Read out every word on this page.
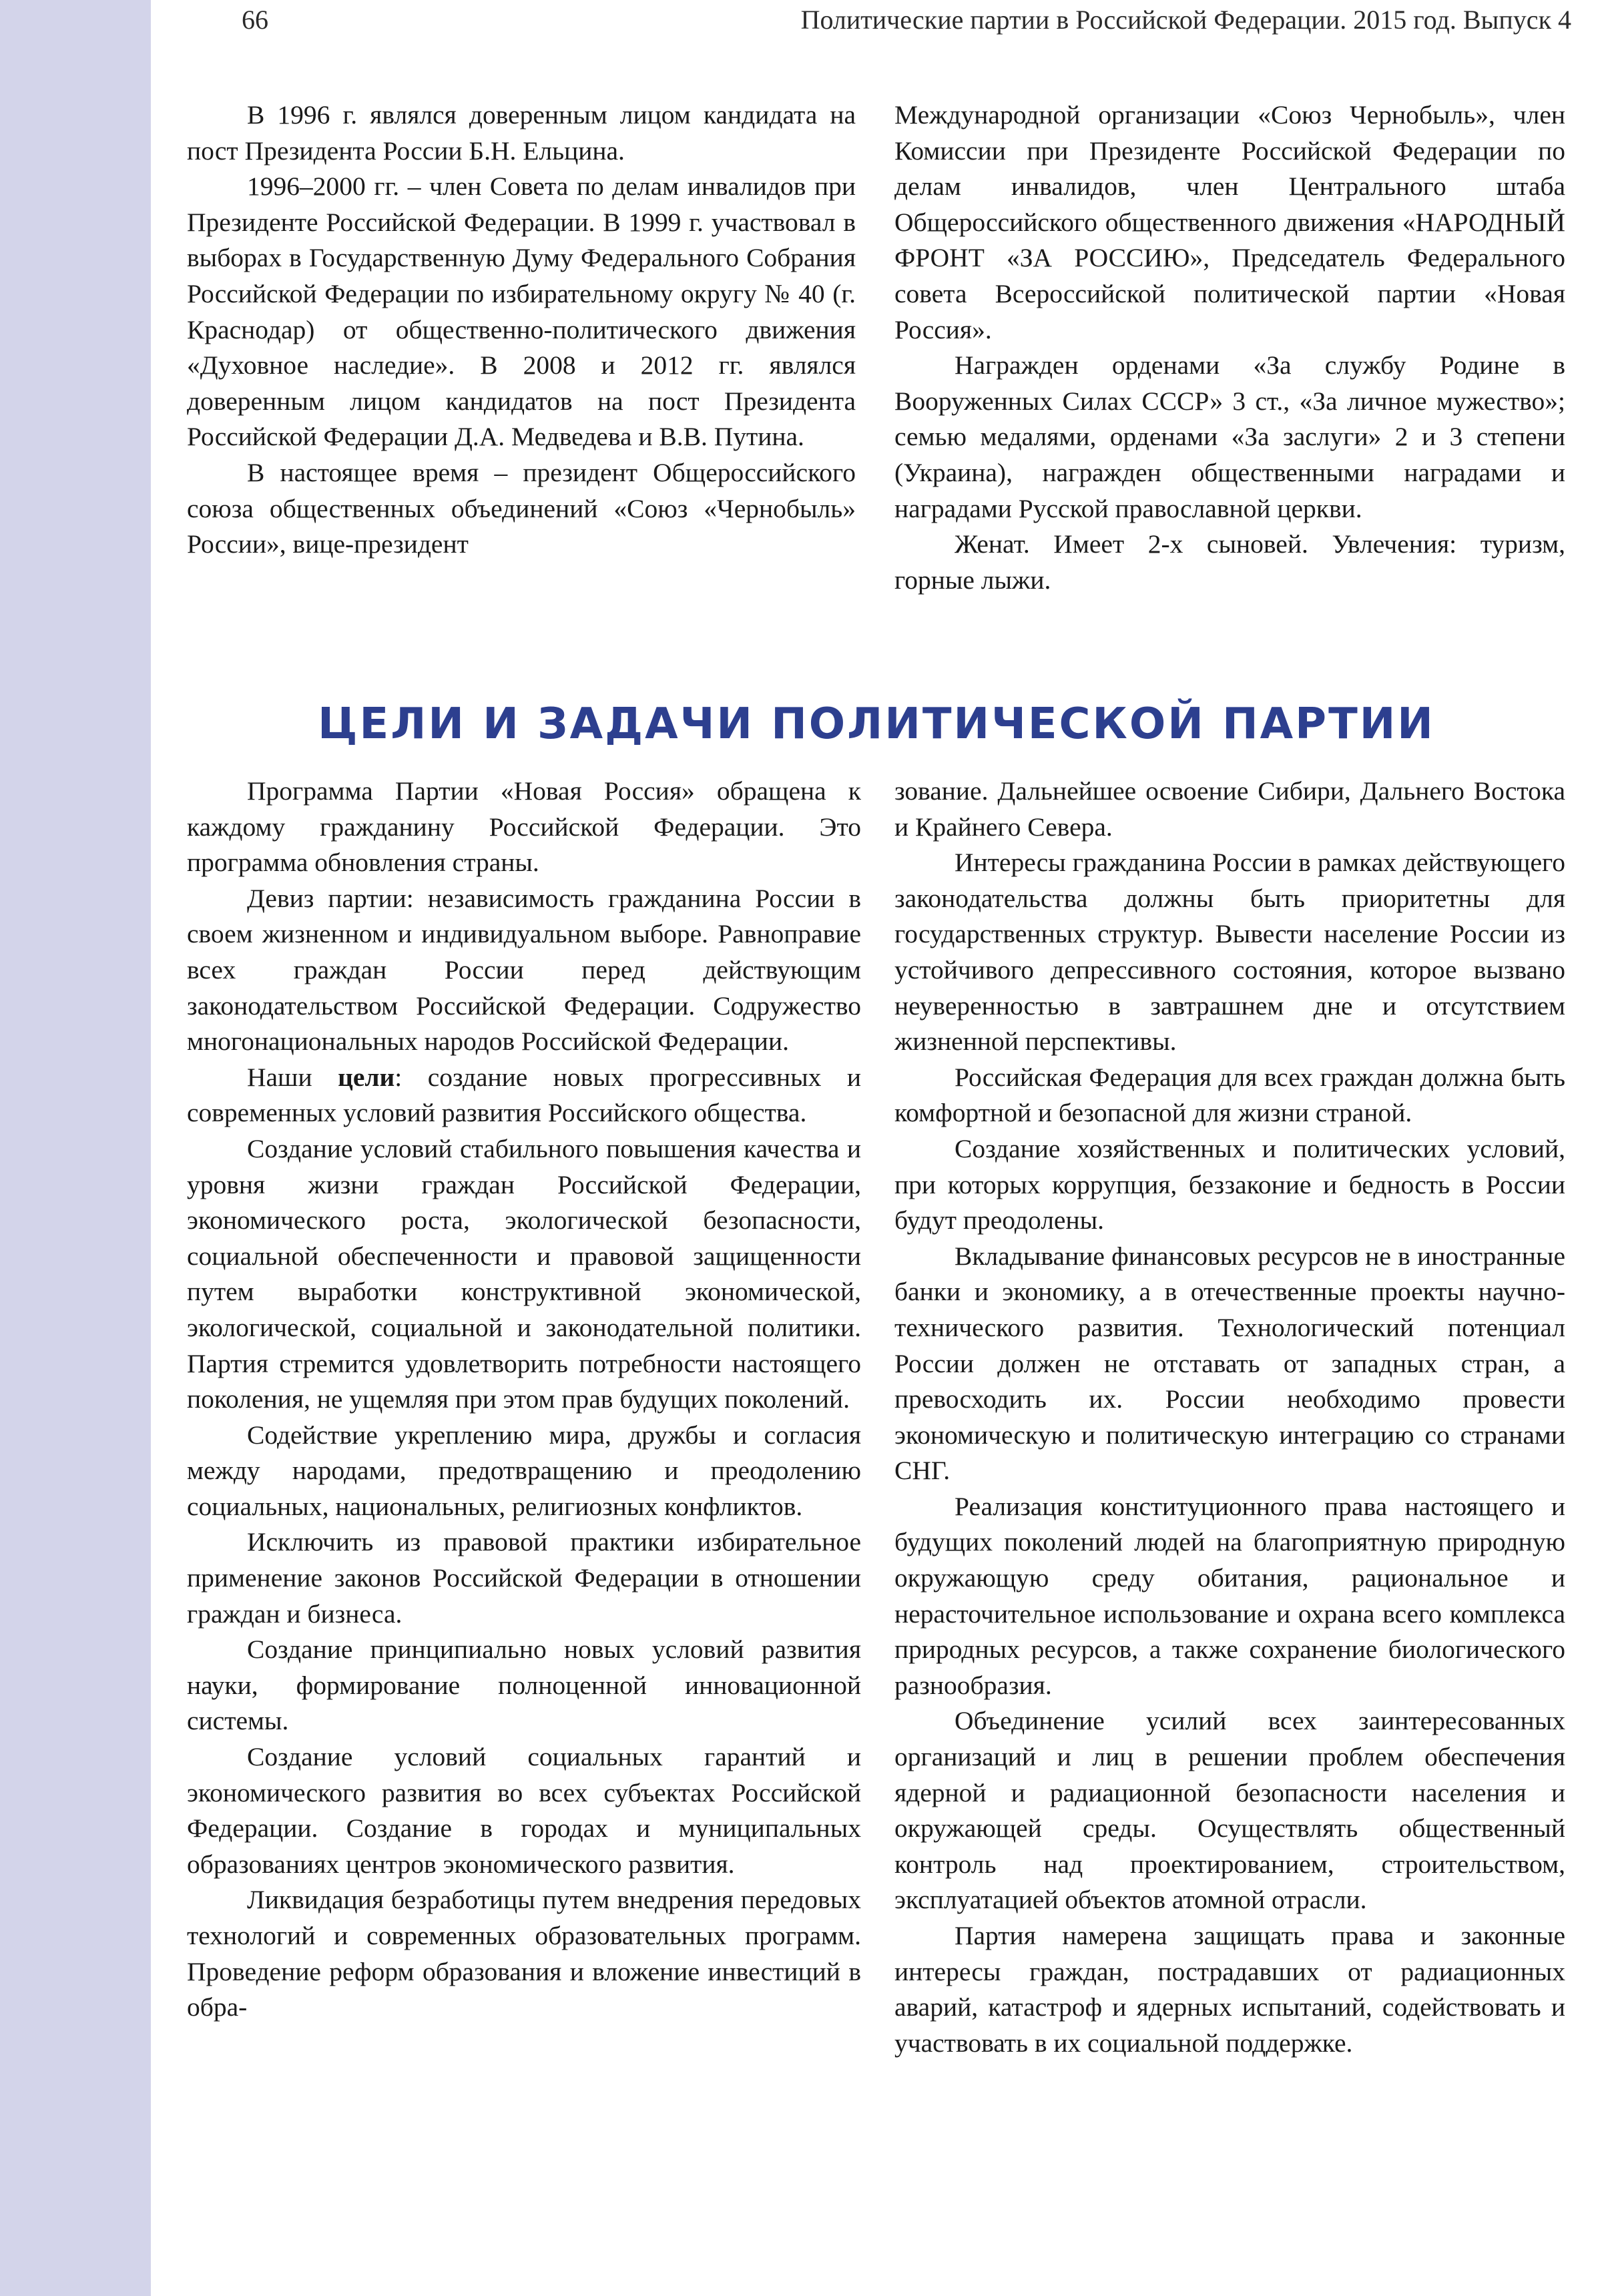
66	Политические партии в Российской Федерации. 2015 год. Выпуск 4

В 1996 г. являлся доверенным лицом кандидата на пост Президента России Б.Н. Ельцина.

1996–2000 гг. – член Совета по делам инвалидов при Президенте Российской Федерации. В 1999 г. участвовал в выборах в Государственную Думу Федерального Собрания Российской Федерации по избирательному округу № 40 (г. Краснодар) от общественно-политического движения «Духовное наследие». В 2008 и 2012 гг. являлся доверенным лицом кандидатов на пост Президента Российской Федерации Д.А. Медведева и В.В. Путина.

В настоящее время – президент Общероссийского союза общественных объединений «Союз «Чернобыль» России», вице-президент

Международной организации «Союз Чернобыль», член Комиссии при Президенте Российской Федерации по делам инвалидов, член Центрального штаба Общероссийского общественного движения «НАРОДНЫЙ ФРОНТ «ЗА РОССИЮ», Председатель Федерального совета Всероссийской политической партии «Новая Россия».

Награжден орденами «За службу Родине в Вооруженных Силах СССР» 3 ст., «За личное мужество»; семью медалями, орденами «За заслуги» 2 и 3 степени (Украина), награжден общественными наградами и наградами Русской православной церкви.

Женат. Имеет 2-х сыновей. Увлечения: туризм, горные лыжи.

ЦЕЛИ И ЗАДАЧИ ПОЛИТИЧЕСКОЙ ПАРТИИ

Программа Партии «Новая Россия» обращена к каждому гражданину Российской Федерации. Это программа обновления страны.

Девиз партии: независимость гражданина России в своем жизненном и индивидуальном выборе. Равноправие всех граждан России перед действующим законодательством Российской Федерации. Содружество многонациональных народов Российской Федерации.

Наши цели: создание новых прогрессивных и современных условий развития Российского общества.

Создание условий стабильного повышения качества и уровня жизни граждан Российской Федерации, экономического роста, экологической безопасности, социальной обеспеченности и правовой защищенности путем выработки конструктивной экономической, экологической, социальной и законодательной политики. Партия стремится удовлетворить потребности настоящего поколения, не ущемляя при этом прав будущих поколений.

Содействие укреплению мира, дружбы и согласия между народами, предотвращению и преодолению социальных, национальных, религиозных конфликтов.

Исключить из правовой практики избирательное применение законов Российской Федерации в отношении граждан и бизнеса.

Создание принципиально новых условий развития науки, формирование полноценной инновационной системы.

Создание условий социальных гарантий и экономического развития во всех субъектах Российской Федерации. Создание в городах и муниципальных образованиях центров экономического развития.

Ликвидация безработицы путем внедрения передовых технологий и современных образовательных программ. Проведение реформ образования и вложение инвестиций в обра-

зование. Дальнейшее освоение Сибири, Дальнего Востока и Крайнего Севера.

Интересы гражданина России в рамках действующего законодательства должны быть приоритетны для государственных структур. Вывести население России из устойчивого депрессивного состояния, которое вызвано неуверенностью в завтрашнем дне и отсутствием жизненной перспективы.

Российская Федерация для всех граждан должна быть комфортной и безопасной для жизни страной.

Создание хозяйственных и политических условий, при которых коррупция, беззаконие и бедность в России будут преодолены.

Вкладывание финансовых ресурсов не в иностранные банки и экономику, а в отечественные проекты научно-технического развития. Технологический потенциал России должен не отставать от западных стран, а превосходить их. России необходимо провести экономическую и политическую интеграцию со странами СНГ.

Реализация конституционного права настоящего и будущих поколений людей на благоприятную природную окружающую среду обитания, рациональное и нерасточительное использование и охрана всего комплекса природных ресурсов, а также сохранение биологического разнообразия.

Объединение усилий всех заинтересованных организаций и лиц в решении проблем обеспечения ядерной и радиационной безопасности населения и окружающей среды. Осуществлять общественный контроль над проектированием, строительством, эксплуатацией объектов атомной отрасли.

Партия намерена защищать права и законные интересы граждан, пострадавших от радиационных аварий, катастроф и ядерных испытаний, содействовать и участвовать в их социальной поддержке.
